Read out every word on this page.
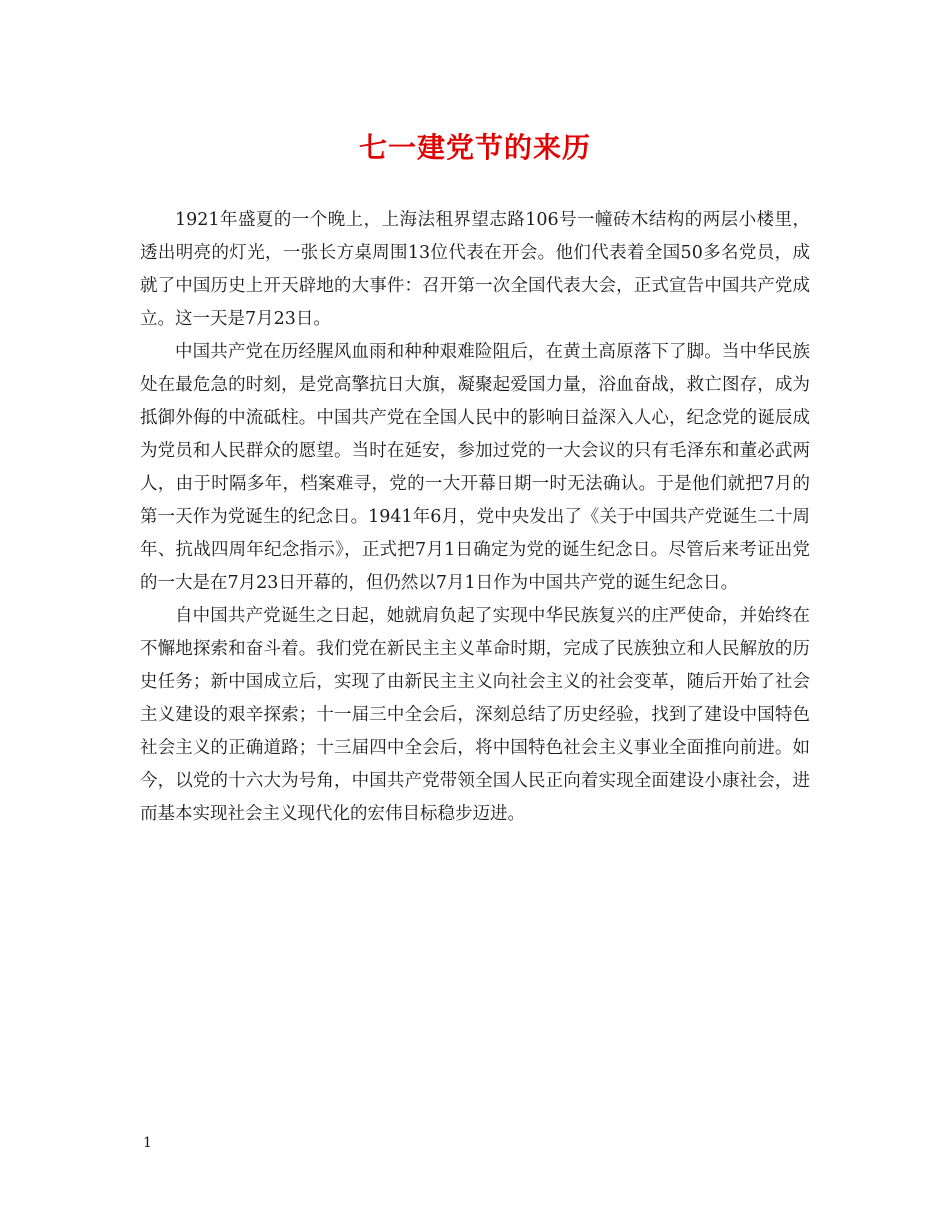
七一建党节的来历

1921年盛夏的一个晚上，上海法租界望志路106号一幢砖木结构的两层小楼里，透出明亮的灯光，一张长方桌周围13位代表在开会。他们代表着全国50多名党员，成就了中国历史上开天辟地的大事件：召开第一次全国代表大会，正式宣告中国共产党成立。这一天是7月23日。

中国共产党在历经腥风血雨和种种艰难险阻后，在黄土高原落下了脚。当中华民族处在最危急的时刻，是党高擎抗日大旗，凝聚起爱国力量，浴血奋战，救亡图存，成为抵御外侮的中流砥柱。中国共产党在全国人民中的影响日益深入人心，纪念党的诞辰成为党员和人民群众的愿望。当时在延安，参加过党的一大会议的只有毛泽东和董必武两人，由于时隔多年，档案难寻，党的一大开幕日期一时无法确认。于是他们就把7月的第一天作为党诞生的纪念日。1941年6月，党中央发出了《关于中国共产党诞生二十周年、抗战四周年纪念指示》，正式把7月1日确定为党的诞生纪念日。尽管后来考证出党的一大是在7月23日开幕的，但仍然以7月1日作为中国共产党的诞生纪念日。

自中国共产党诞生之日起，她就肩负起了实现中华民族复兴的庄严使命，并始终在不懈地探索和奋斗着。我们党在新民主主义革命时期，完成了民族独立和人民解放的历史任务；新中国成立后，实现了由新民主主义向社会主义的社会变革，随后开始了社会主义建设的艰辛探索；十一届三中全会后，深刻总结了历史经验，找到了建设中国特色社会主义的正确道路；十三届四中全会后，将中国特色社会主义事业全面推向前进。如今，以党的十六大为号角，中国共产党带领全国人民正向着实现全面建设小康社会，进而基本实现社会主义现代化的宏伟目标稳步迈进。

1
